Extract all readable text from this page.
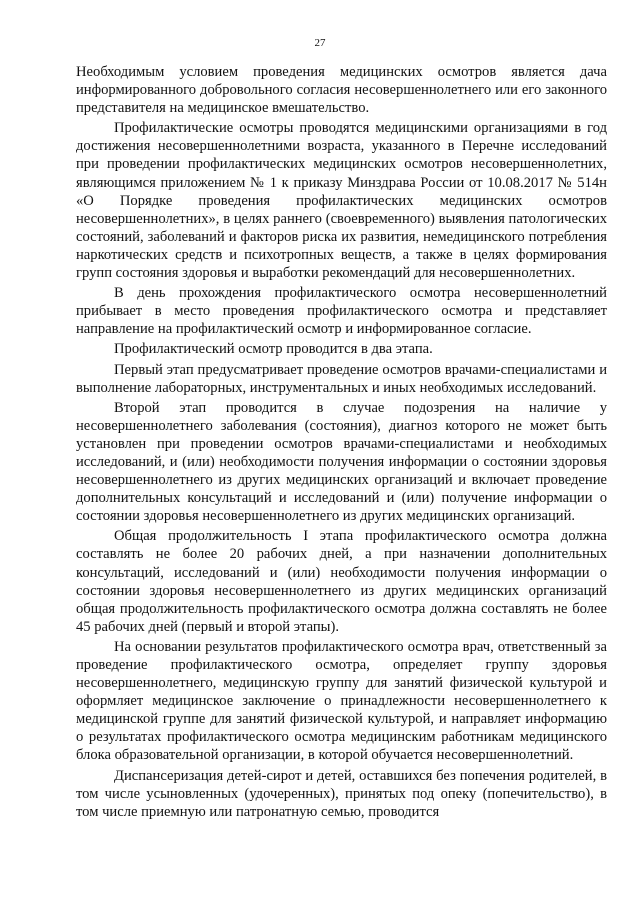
27

Необходимым условием проведения медицинских осмотров является дача информированного добровольного согласия несовершеннолетнего или его законного представителя на медицинское вмешательство.

Профилактические осмотры проводятся медицинскими организациями в год достижения несовершеннолетними возраста, указанного в Перечне исследований при проведении профилактических медицинских осмотров несовершеннолетних, являющимся приложением № 1 к приказу Минздрава России от 10.08.2017 № 514н «О Порядке проведения профилактических медицинских осмотров несовершеннолетних», в целях раннего (своевременного) выявления патологических состояний, заболеваний и факторов риска их развития, немедицинского потребления наркотических средств и психотропных веществ, а также в целях формирования групп состояния здоровья и выработки рекомендаций для несовершеннолетних.

В день прохождения профилактического осмотра несовершеннолетний прибывает в место проведения профилактического осмотра и представляет направление на профилактический осмотр и информированное согласие.

Профилактический осмотр проводится в два этапа.

Первый этап предусматривает проведение осмотров врачами-специалистами и выполнение лабораторных, инструментальных и иных необходимых исследований.

Второй этап проводится в случае подозрения на наличие у несовершеннолетнего заболевания (состояния), диагноз которого не может быть установлен при проведении осмотров врачами-специалистами и необходимых исследований, и (или) необходимости получения информации о состоянии здоровья несовершеннолетнего из других медицинских организаций и включает проведение дополнительных консультаций и исследований и (или) получение информации о состоянии здоровья несовершеннолетнего из других медицинских организаций.

Общая продолжительность I этапа профилактического осмотра должна составлять не более 20 рабочих дней, а при назначении дополнительных консультаций, исследований и (или) необходимости получения информации о состоянии здоровья несовершеннолетнего из других медицинских организаций общая продолжительность профилактического осмотра должна составлять не более 45 рабочих дней (первый и второй этапы).

На основании результатов профилактического осмотра врач, ответственный за проведение профилактического осмотра, определяет группу здоровья несовершеннолетнего, медицинскую группу для занятий физической культурой и оформляет медицинское заключение о принадлежности несовершеннолетнего к медицинской группе для занятий физической культурой, и направляет информацию о результатах профилактического осмотра медицинским работникам медицинского блока образовательной организации, в которой обучается несовершеннолетний.

Диспансеризация детей-сирот и детей, оставшихся без попечения родителей, в том числе усыновленных (удочеренных), принятых под опеку (попечительство), в том числе приемную или патронатную семью, проводится
